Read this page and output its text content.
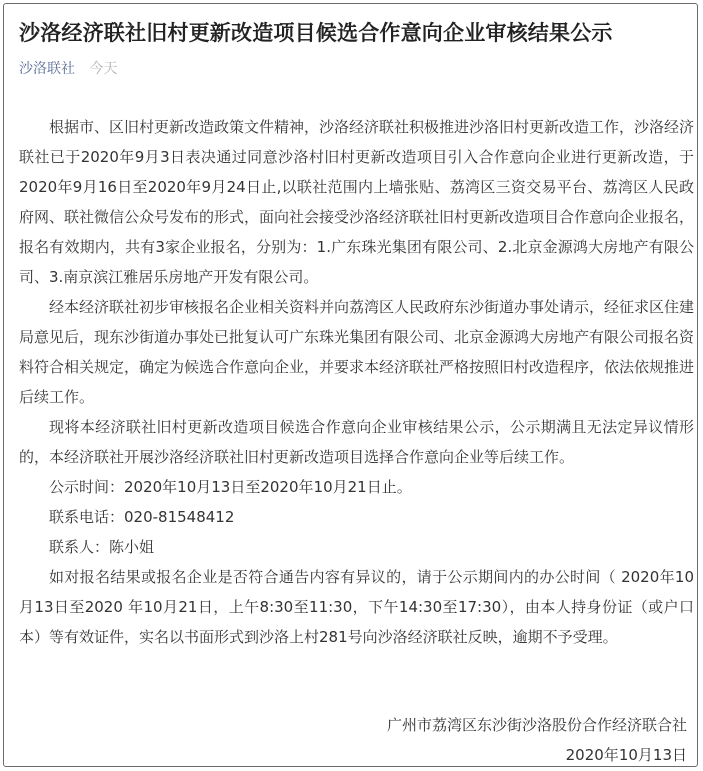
沙洛经济联社旧村更新改造项目候选合作意向企业审核结果公示
沙洛联社 今天

根据市、区旧村更新改造政策文件精神，沙洛经济联社积极推进沙洛旧村更新改造工作，沙洛经济联社已于2020年9月3日表决通过同意沙洛村旧村更新改造项目引入合作意向企业进行更新改造，于2020年9月16日至2020年9月24日止,以联社范围内上墙张贴、荔湾区三资交易平台、荔湾区人民政府网、联社微信公众号发布的形式，面向社会接受沙洛经济联社旧村更新改造项目合作意向企业报名，报名有效期内，共有3家企业报名，分别为：1.广东珠光集团有限公司、2.北京金源鸿大房地产有限公司、3.南京滨江雅居乐房地产开发有限公司。

经本经济联社初步审核报名企业相关资料并向荔湾区人民政府东沙街道办事处请示，经征求区住建局意见后，现东沙街道办事处已批复认可广东珠光集团有限公司、北京金源鸿大房地产有限公司报名资料符合相关规定，确定为候选合作意向企业，并要求本经济联社严格按照旧村改造程序，依法依规推进后续工作。

现将本经济联社旧村更新改造项目候选合作意向企业审核结果公示，公示期满且无法定异议情形的，本经济联社开展沙洛经济联社旧村更新改造项目选择合作意向企业等后续工作。

公示时间：2020年10月13日至2020年10月21日止。

联系电话：020-81548412

联系人：陈小姐

如对报名结果或报名企业是否符合通告内容有异议的，请于公示期间内的办公时间（ 2020年10月13日至2020 年10月21日，上午8:30至11:30，下午14:30至17:30），由本人持身份证（或户口本）等有效证件，实名以书面形式到沙洛上村281号向沙洛经济联社反映，逾期不予受理。

广州市荔湾区东沙街沙洛股份合作经济联合社
2020年10月13日
